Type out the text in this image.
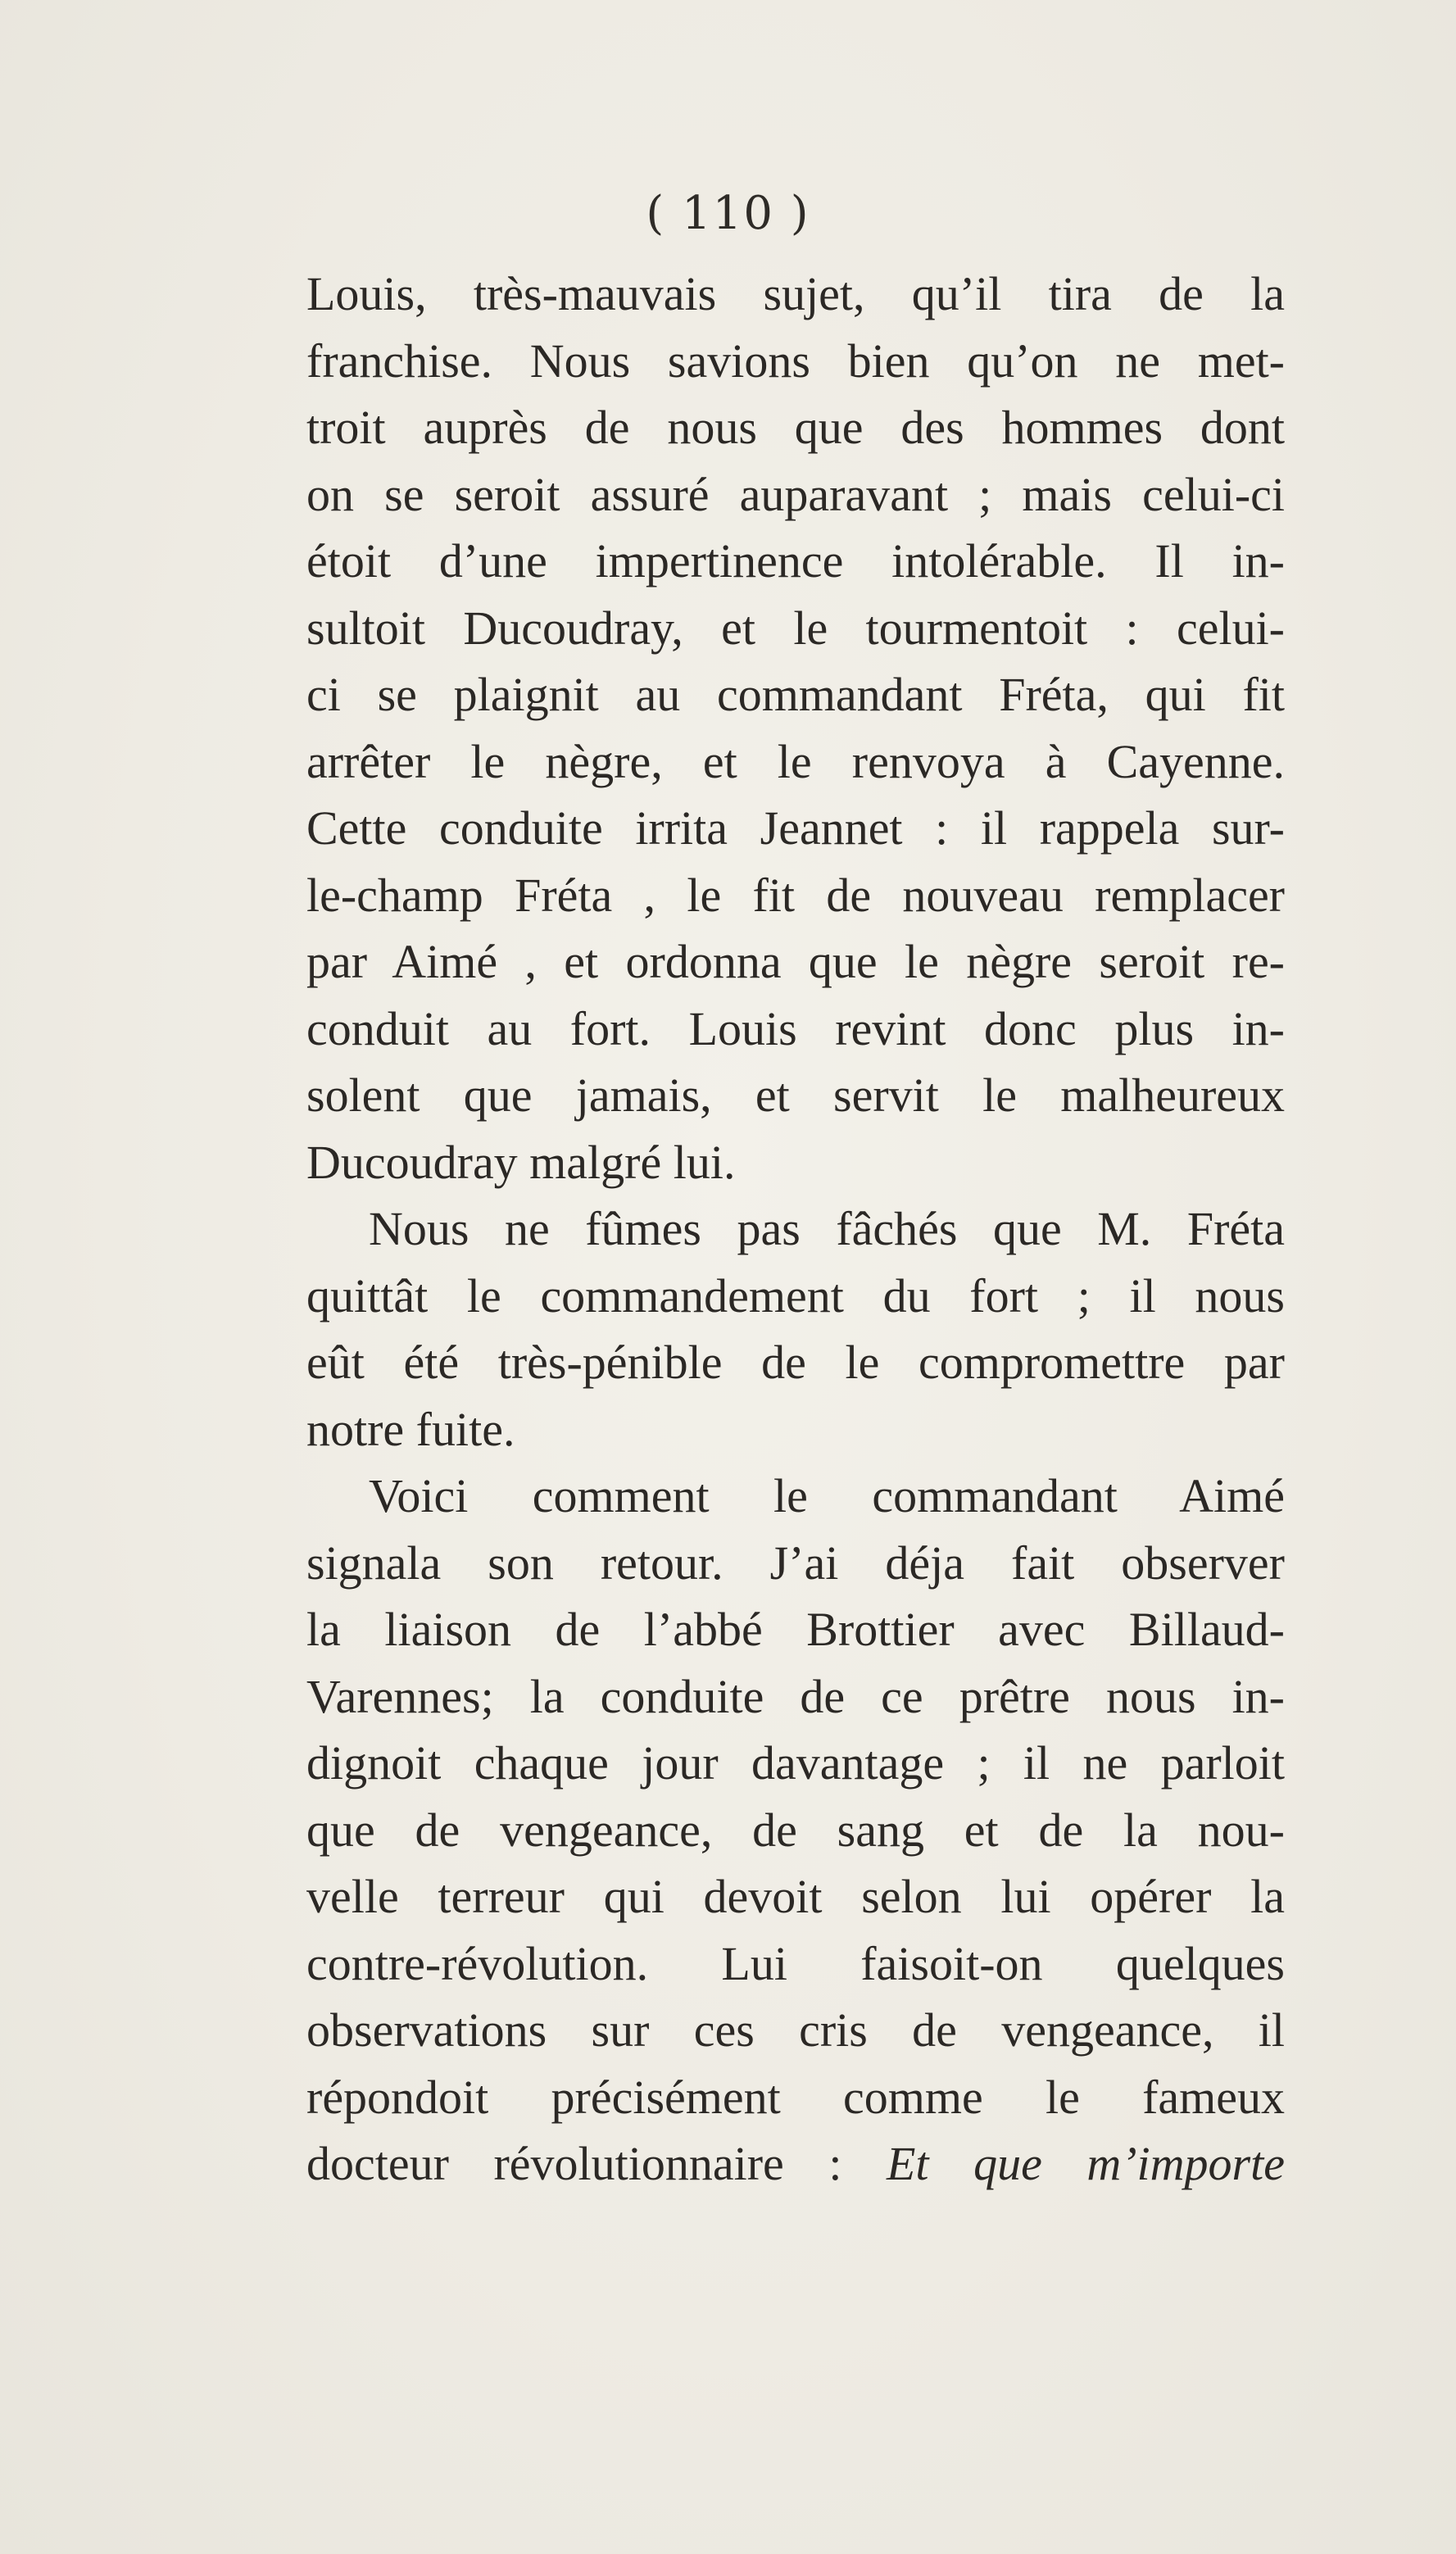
( 110 )
Louis, très-mauvais sujet, qu’il tira de la
franchise. Nous savions bien qu’on ne met-
troit auprès de nous que des hommes dont
on se seroit assuré auparavant ; mais celui-ci
étoit d’une impertinence intolérable. Il in-
sultoit Ducoudray, et le tourmentoit : celui-
ci se plaignit au commandant Fréta, qui fit
arrêter le nègre, et le renvoya à Cayenne.
Cette conduite irrita Jeannet : il rappela sur-
le-champ Fréta , le fit de nouveau remplacer
par Aimé , et ordonna que le nègre seroit re-
conduit au fort. Louis revint donc plus in-
solent que jamais, et servit le malheureux
Ducoudray malgré lui.
Nous ne fûmes pas fâchés que M. Fréta
quittât le commandement du fort ; il nous
eût été très-pénible de le compromettre par
notre fuite.
Voici comment le commandant Aimé
signala son retour. J’ai déja fait observer
la liaison de l’abbé Brottier avec Billaud-
Varennes; la conduite de ce prêtre nous in-
dignoit chaque jour davantage ; il ne parloit
que de vengeance, de sang et de la nou-
velle terreur qui devoit selon lui opérer la
contre-révolution. Lui faisoit-on quelques
observations sur ces cris de vengeance, il
répondoit précisément comme le fameux
docteur révolutionnaire : Et que m’importe
